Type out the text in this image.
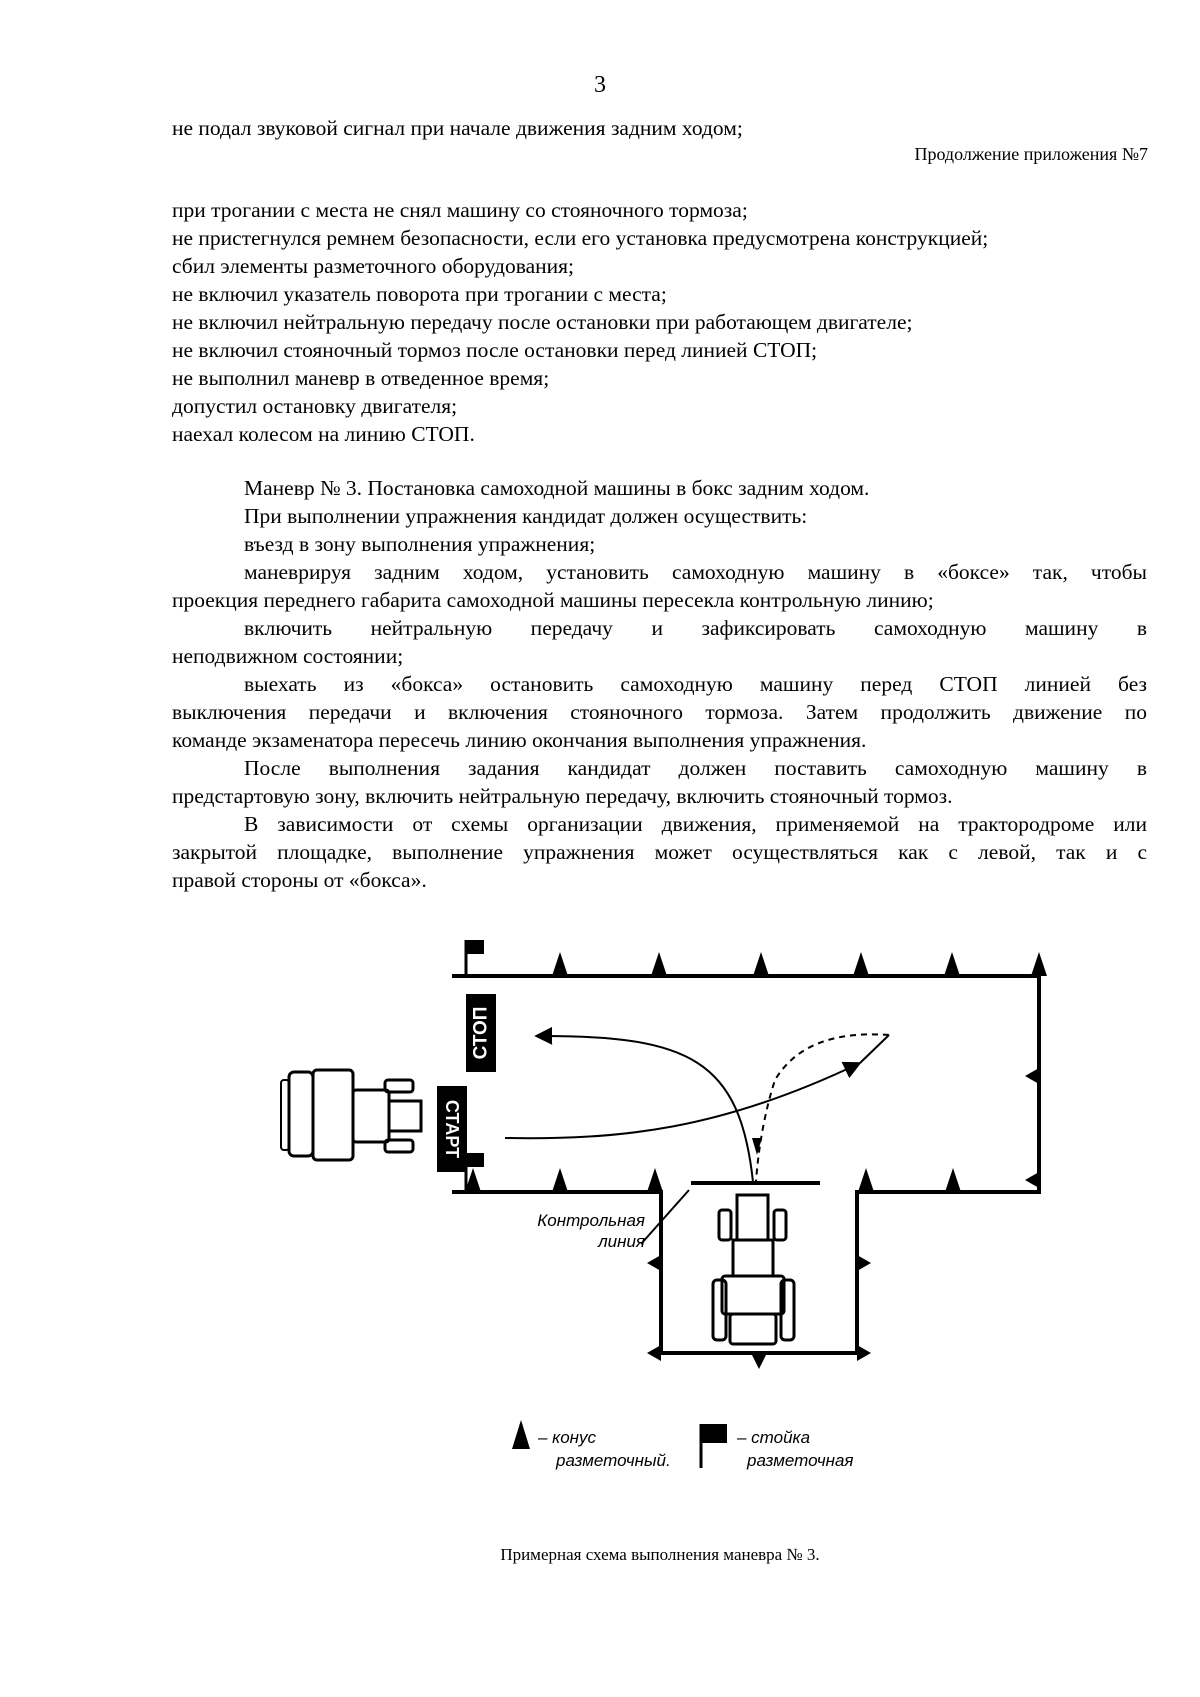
3
не подал звуковой сигнал при начале движения задним ходом;
Продолжение приложения №7
при трогании с места не снял машину со стояночного тормоза;
не пристегнулся ремнем безопасности, если его установка предусмотрена конструкцией;
сбил элементы разметочного оборудования;
не включил указатель поворота при трогании с места;
не включил нейтральную передачу после остановки при работающем двигателе;
не включил стояночный тормоз после остановки перед линией СТОП;
не выполнил маневр в отведенное время;
допустил остановку двигателя;
наехал колесом на линию СТОП.
Маневр № 3. Постановка самоходной машины в бокс задним ходом.
При выполнении упражнения кандидат должен осуществить:
въезд в зону выполнения упражнения;
маневрируя задним ходом, установить самоходную машину в «боксе» так, чтобы
проекция переднего габарита самоходной машины пересекла контрольную линию;
включить нейтральную передачу и зафиксировать самоходную машину в
неподвижном состоянии;
выехать из «бокса» остановить самоходную машину перед СТОП линией без
выключения передачи и включения стояночного тормоза. Затем продолжить движение по
команде экзаменатора пересечь линию окончания выполнения упражнения.
После выполнения задания кандидат должен поставить самоходную машину в
предстартовую зону, включить нейтральную передачу, включить стояночный тормоз.
В зависимости от схемы организации движения, применяемой на трактородроме или
закрытой площадке, выполнение упражнения может осуществляться как с левой, так и с
правой стороны от «бокса».
СТОП
СТАРТ
Контрольная
линия
– конус
разметочный.
– стойка
разметочная
Примерная схема выполнения маневра № 3.
